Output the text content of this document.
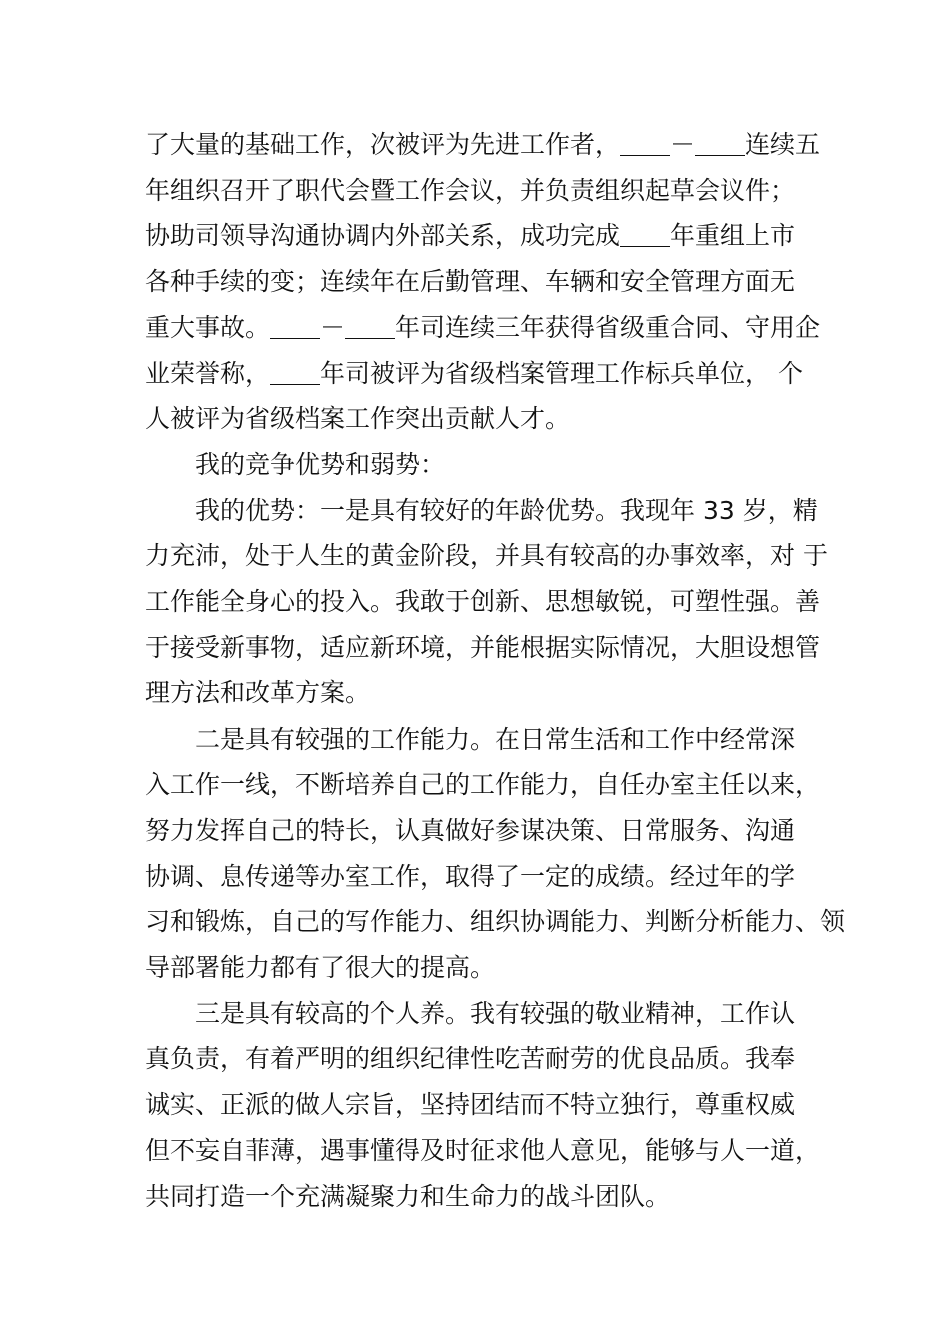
了大量的基础工作，次被评为先进工作者，＿＿－＿＿连续五
年组织召开了职代会暨工作会议，并负责组织起草会议件；
协助司领导沟通协调内外部关系，成功完成＿＿年重组上市
各种手续的变；连续年在后勤管理、车辆和安全管理方面无
重大事故。＿＿－＿＿年司连续三年获得省级重合同、守用企
业荣誉称，＿＿年司被评为省级档案管理工作标兵单位， 个
人被评为省级档案工作突出贡献人才。
我的竞争优势和弱势：
我的优势：一是具有较好的年龄优势。我现年 33 岁，精
力充沛，处于人生的黄金阶段，并具有较高的办事效率，对 于
工作能全身心的投入。我敢于创新、思想敏锐，可塑性强。善
于接受新事物，适应新环境，并能根据实际情况，大胆设想管
理方法和改革方案。
二是具有较强的工作能力。在日常生活和工作中经常深
入工作一线，不断培养自己的工作能力，自任办室主任以来，
努力发挥自己的特长，认真做好参谋决策、日常服务、沟通
协调、息传递等办室工作，取得了一定的成绩。经过年的学
习和锻炼，自己的写作能力、组织协调能力、判断分析能力、领
导部署能力都有了很大的提高。
三是具有较高的个人养。我有较强的敬业精神，工作认
真负责，有着严明的组织纪律性吃苦耐劳的优良品质。我奉
诚实、正派的做人宗旨，坚持团结而不特立独行，尊重权威
但不妄自菲薄，遇事懂得及时征求他人意见，能够与人一道，
共同打造一个充满凝聚力和生命力的战斗团队。
